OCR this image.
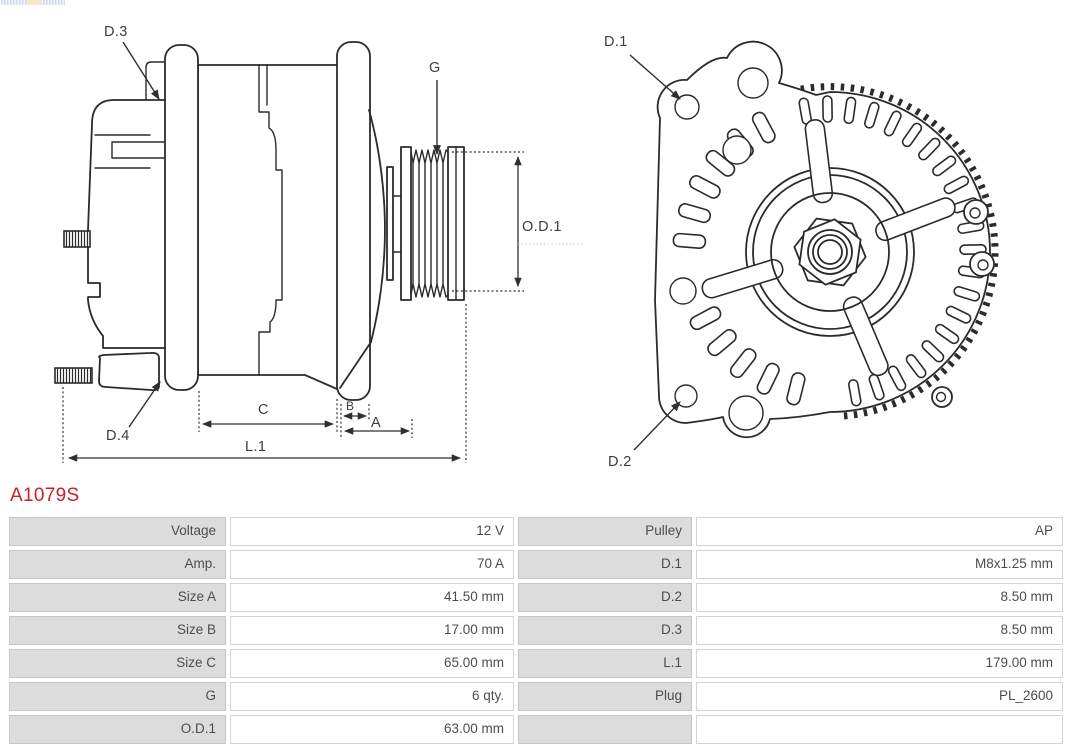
D.3
G
O.D.1
D.4
C	B
A
L.1
D.1
D.2
A1079S
Voltage	12 V	Pulley	AP
Amp.	70 A	D.1	M8x1.25 mm
Size A	41.50 mm	D.2	8.50 mm
Size B	17.00 mm	D.3	8.50 mm
Size C	65.00 mm	L.1	179.00 mm
G	6 qty.	Plug	PL_2600
O.D.1	63.00 mm
